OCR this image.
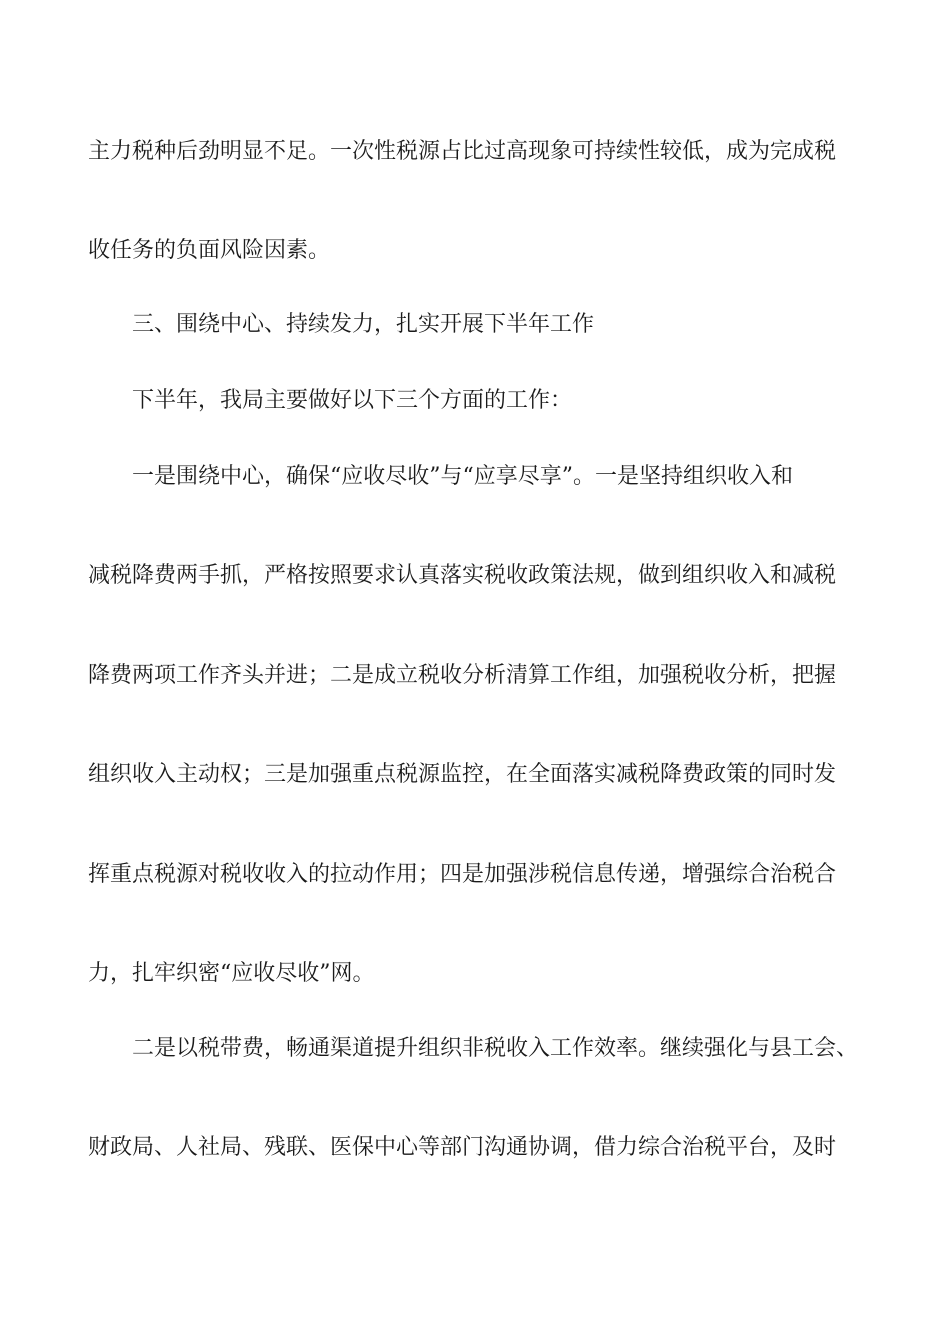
主力税种后劲明显不足。一次性税源占比过高现象可持续性较低，成为完成税
收任务的负面风险因素。
三、围绕中心、持续发力，扎实开展下半年工作
下半年，我局主要做好以下三个方面的工作：
一是围绕中心，确保“应收尽收”与“应享尽享”。一是坚持组织收入和
减税降费两手抓，严格按照要求认真落实税收政策法规，做到组织收入和减税
降费两项工作齐头并进；二是成立税收分析清算工作组，加强税收分析，把握
组织收入主动权；三是加强重点税源监控，在全面落实减税降费政策的同时发
挥重点税源对税收收入的拉动作用；四是加强涉税信息传递，增强综合治税合
力，扎牢织密“应收尽收”网。
二是以税带费，畅通渠道提升组织非税收入工作效率。继续强化与县工会、
财政局、人社局、残联、医保中心等部门沟通协调，借力综合治税平台，及时
